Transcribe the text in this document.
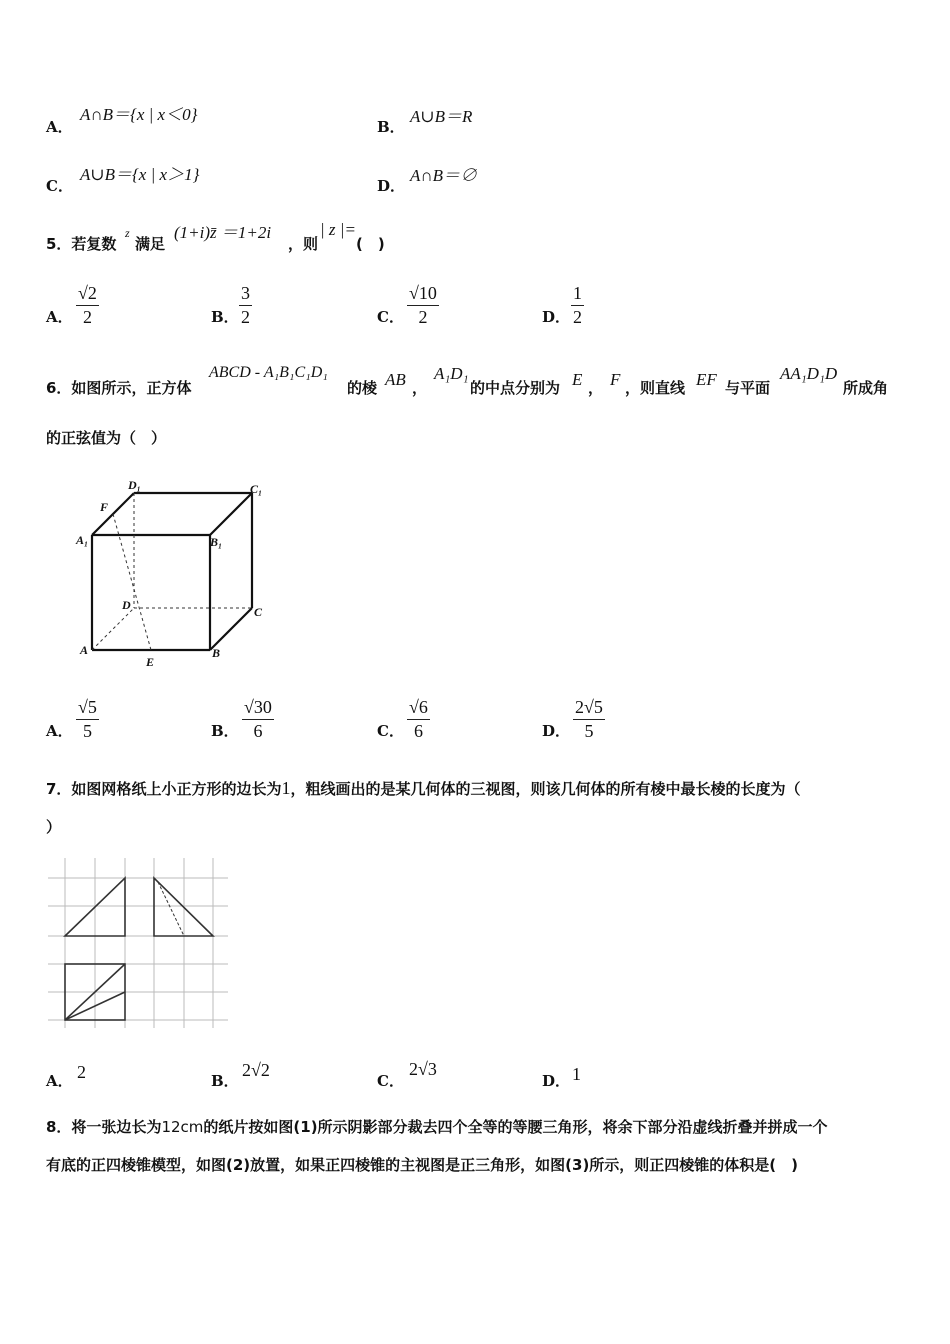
A．
A∩B＝{x | x＜0}
B．
A∪B＝R
C．
A∪B＝{x | x＞1}
D．
A∩B＝∅
5．若复数
z
满足
(1+i)z̄ ＝1+2i
，则
| z |=
(　)
A．
√2
2	B．
3
2	C．
√10
2	D．
1
2
6．如图所示，正方体
ABCD - A₁B₁C₁D₁
的棱 AB ，
A₁D₁
的中点分别为 E ， F ，则直线 EF 与平面
AA₁D₁D
所成角
的正弦值为（　）
D₁	C₁
F
A₁	B₁
D	C
A
E
B
A．
√5
5	B．
√30
6	C．
√6
6	D．
2√5
5
7．如图网格纸上小正方形的边长为1，粗线画出的是某几何体的三视图，则该几何体的所有棱中最长棱的长度为（
）
A． 2	B．
2√2
C．
2√3
D． 1
8．将一张边长为12cm的纸片按如图(1)所示阴影部分裁去四个全等的等腰三角形，将余下部分沿虚线折叠并拼成一个
有底的正四棱锥模型，如图(2)放置，如果正四棱锥的主视图是正三角形，如图(3)所示，则正四棱锥的体积是(　)
